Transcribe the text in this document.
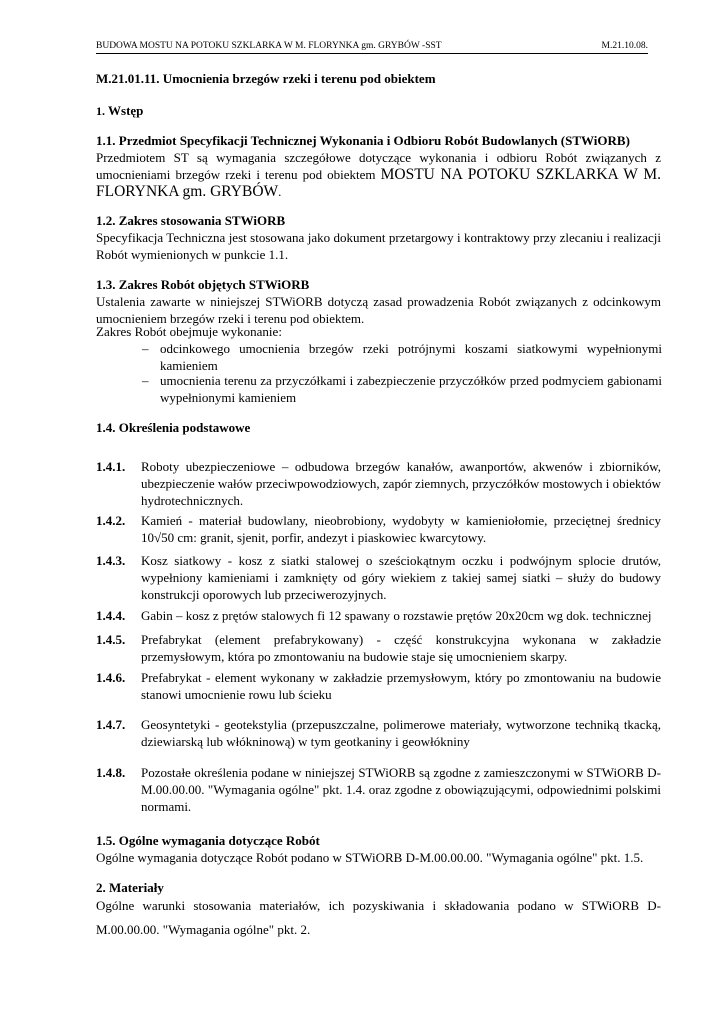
BUDOWA MOSTU NA POTOKU SZKLARKA W M. FLORYNKA gm. GRYBÓW -SST	M.21.10.08.
M.21.01.11. Umocnienia brzegów rzeki i terenu pod obiektem
1. Wstęp
1.1. Przedmiot Specyfikacji Technicznej Wykonania i Odbioru Robót Budowlanych (STWiORB)
Przedmiotem ST są wymagania szczegółowe dotyczące wykonania i odbioru Robót związanych z umocnieniami brzegów rzeki i terenu pod obiektem MOSTU NA POTOKU SZKLARKA W M. FLORYNKA gm. GRYBÓW.
1.2. Zakres stosowania STWiORB
Specyfikacja Techniczna jest stosowana jako dokument przetargowy i kontraktowy przy zlecaniu i realizacji Robót wymienionych w punkcie 1.1.
1.3. Zakres Robót objętych STWiORB
Ustalenia zawarte w niniejszej STWiORB dotyczą zasad prowadzenia Robót związanych z odcinkowym umocnieniem brzegów rzeki i terenu pod obiektem.
Zakres Robót obejmuje wykonanie:
– odcinkowego umocnienia brzegów rzeki potrójnymi koszami siatkowymi wypełnionymi kamieniem
– umocnienia terenu za przyczółkami i zabezpieczenie przyczółków przed podmyciem gabionami wypełnionymi kamieniem
1.4. Określenia podstawowe
1.4.1. Roboty ubezpieczeniowe – odbudowa brzegów kanałów, awanportów, akwenów i zbiorników, ubezpieczenie wałów przeciwpowodziowych, zapór ziemnych, przyczółków mostowych i obiektów hydrotechnicznych.
1.4.2. Kamień - materiał budowlany, nieobrobiony, wydobyty w kamieniołomie, przeciętnej średnicy 10√50 cm: granit, sjenit, porfir, andezyt i piaskowiec kwarcytowy.
1.4.3. Kosz siatkowy - kosz z siatki stalowej o sześciokątnym oczku i podwójnym splocie drutów, wypełniony kamieniami i zamknięty od góry wiekiem z takiej samej siatki – służy do budowy konstrukcji oporowych lub przeciwerozyjnych.
1.4.4. Gabin – kosz z prętów stalowych fi 12 spawany o rozstawie prętów 20x20cm wg dok. technicznej
1.4.5. Prefabrykat (element prefabrykowany) - część konstrukcyjna wykonana w zakładzie przemysłowym, która po zmontowaniu na budowie staje się umocnieniem skarpy.
1.4.6. Prefabrykat - element wykonany w zakładzie przemysłowym, który po zmontowaniu na budowie stanowi umocnienie rowu lub ścieku
1.4.7. Geosyntetyki - geotekstylia (przepuszczalne, polimerowe materiały, wytworzone techniką tkacką, dziewiarską lub włókninową) w tym geotkaniny i geowłókniny
1.4.8. Pozostałe określenia podane w niniejszej STWiORB są zgodne z zamieszczonymi w STWiORB D-M.00.00.00. "Wymagania ogólne" pkt. 1.4. oraz zgodne z obowiązującymi, odpowiednimi polskimi normami.
1.5. Ogólne wymagania dotyczące Robót
Ogólne wymagania dotyczące Robót podano w STWiORB D-M.00.00.00. "Wymagania ogólne" pkt. 1.5.
2. Materiały
Ogólne warunki stosowania materiałów, ich pozyskiwania i składowania podano w STWiORB D-M.00.00.00. "Wymagania ogólne" pkt. 2.
